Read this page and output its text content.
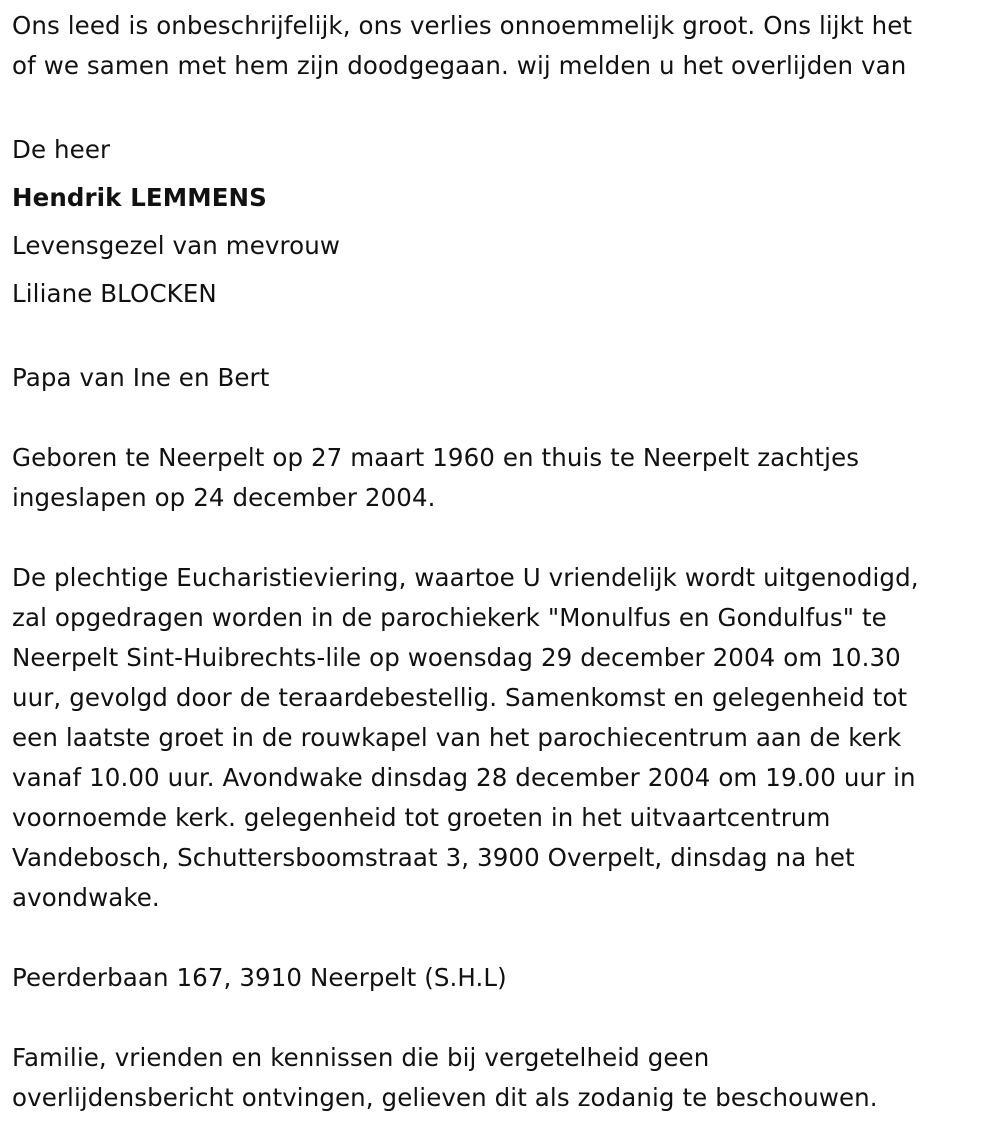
Ons leed is onbeschrijfelijk, ons verlies onnoemmelijk groot. Ons lijkt het
of we samen met hem zijn doodgegaan. wij melden u het overlijden van
De heer
Hendrik LEMMENS
Levensgezel van mevrouw
Liliane BLOCKEN
Papa van Ine en Bert
Geboren te Neerpelt op 27 maart 1960 en thuis te Neerpelt zachtjes
ingeslapen op 24 december 2004.
De plechtige Eucharistieviering, waartoe U vriendelijk wordt uitgenodigd,
zal opgedragen worden in de parochiekerk "Monulfus en Gondulfus" te
Neerpelt Sint-Huibrechts-lile op woensdag 29 december 2004 om 10.30
uur, gevolgd door de teraardebestellig. Samenkomst en gelegenheid tot
een laatste groet in de rouwkapel van het parochiecentrum aan de kerk
vanaf 10.00 uur. Avondwake dinsdag 28 december 2004 om 19.00 uur in
voornoemde kerk. gelegenheid tot groeten in het uitvaartcentrum
Vandebosch, Schuttersboomstraat 3, 3900 Overpelt, dinsdag na het
avondwake.
Peerderbaan 167, 3910 Neerpelt (S.H.L)
Familie, vrienden en kennissen die bij vergetelheid geen
overlijdensbericht ontvingen, gelieven dit als zodanig te beschouwen.
